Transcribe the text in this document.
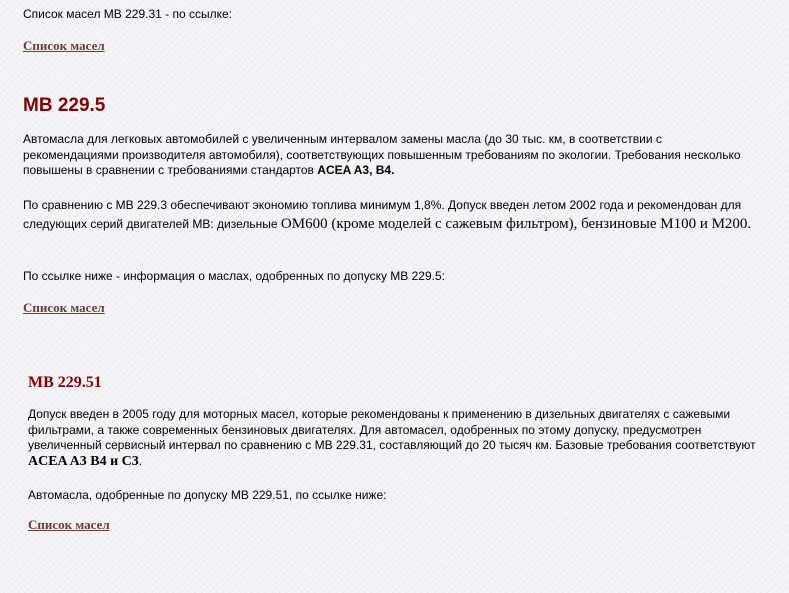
Список масел MB 229.31 - по ссылке:

Список масел
MB 229.5

Автомасла для легковых автомобилей с увеличенным интервалом замены масла (до 30 тыс. км, в соответствии с рекомендациями производителя автомобиля), соответствующих повышенным требованиям по экологии. Требования несколько повышены в сравнении с требованиями стандартов ACEA A3, B4.

По сравнению с MB 229.3 обеспечивают экономию топлива минимум 1,8%. Допуск введен летом 2002 года и рекомендован для следующих серий двигателей MB: дизельные OM600 (кроме моделей с сажевым фильтром), бензиновые M100 и M200.

По ссылке ниже - информация о маслах, одобренных по допуску MB 229.5:

Список масел
MB 229.51

Допуск введен в 2005 году для моторных масел, которые рекомендованы к применению в дизельных двигателях с сажевыми фильтрами, а также современных бензиновых двигателях. Для автомасел, одобренных по этому допуску, предусмотрен увеличенный сервисный интервал по сравнению с MB 229.31, составляющий до 20 тысяч км. Базовые требования соответствуют ACEA A3 B4 и C3.

Автомасла, одобренные по допуску MB 229.51, по ссылке ниже:

Список масел
